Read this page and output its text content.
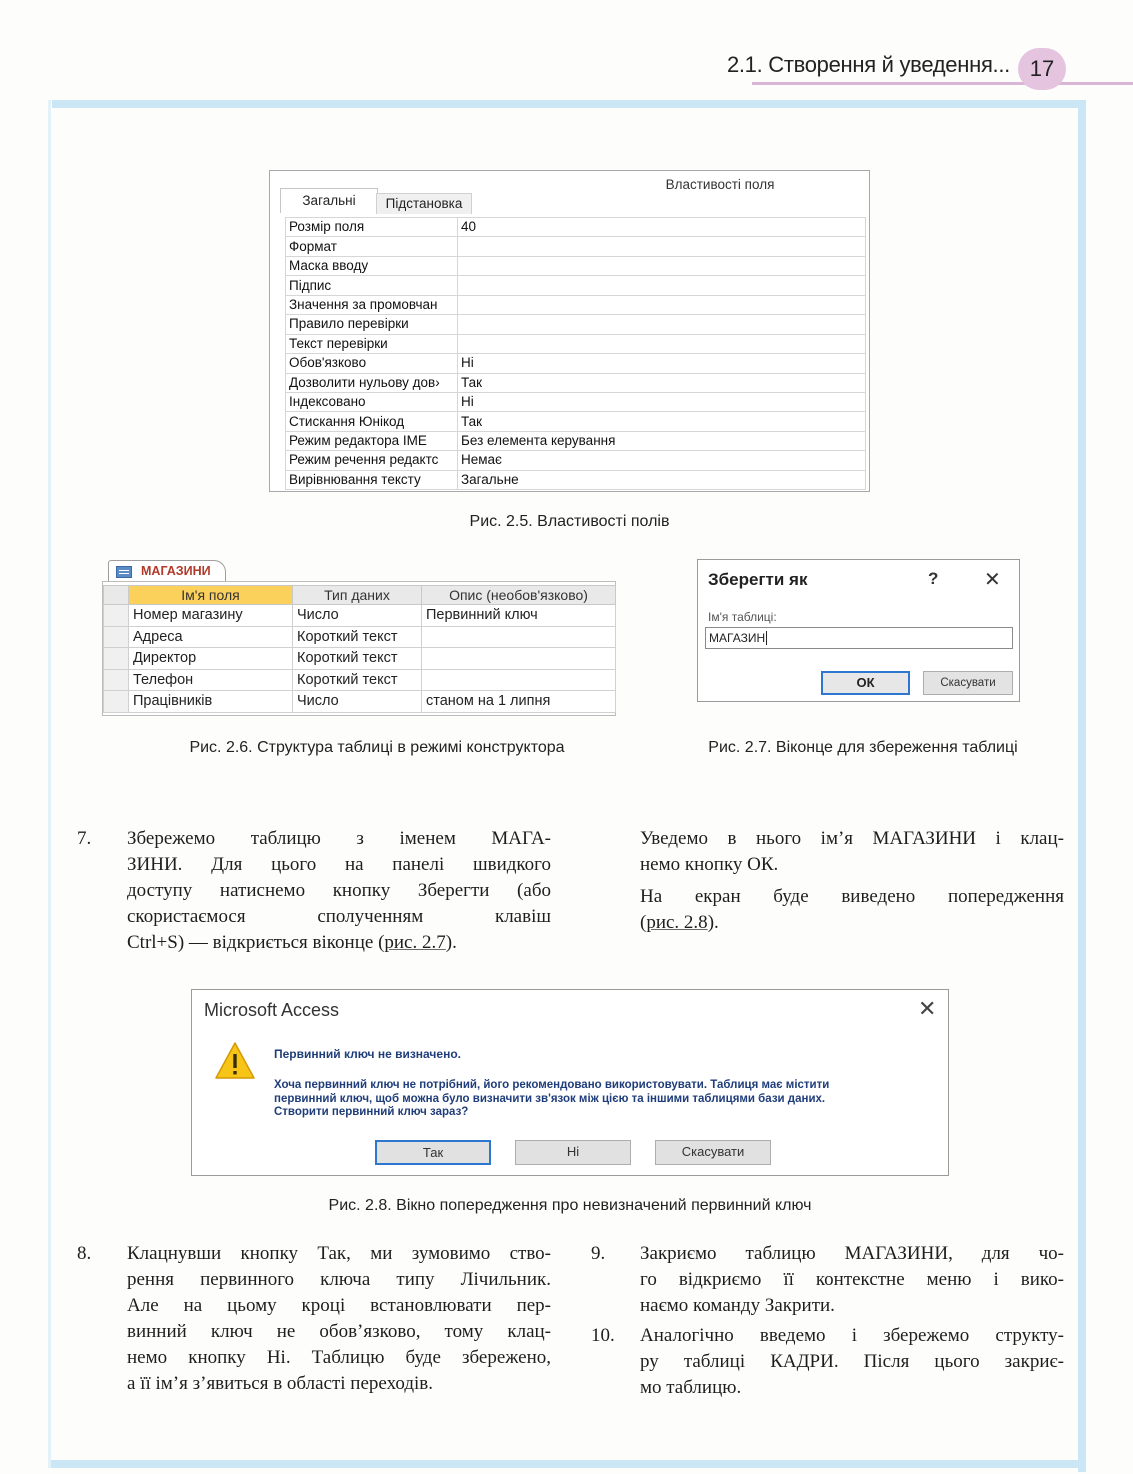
2.1. Створення й уведення... 17
Властивості поля
Загальні	Підстановка
Розмір поля	40
Формат	
Маска вводу	
Підпис	
Значення за промовчан	
Правило перевірки	
Текст перевірки	
Обов'язково	Ні
Дозволити нульову дов›	Так
Індексовано	Ні
Стискання Юнікод	Так
Режим редактора IME	Без елемента керування
Режим речення редактс	Немає
Вирівнювання тексту	Загальне
Рис. 2.5. Властивості полів
МАГАЗИНИ
	Ім'я поля	Тип даних	Опис (необов'язково)
	Номер магазину	Число	Первинний ключ
	Адреса	Короткий текст	
	Директор	Короткий текст	
	Телефон	Короткий текст	
	Працівників	Число	станом на 1 липня
Рис. 2.6. Структура таблиці в режимі конструктора
Зберегти як	? ✕
Ім'я таблиці:
МАГАЗИН
ОК	Скасувати
Рис. 2.7. Віконце для збереження таблиці
7. Збережемо таблицю з іменем МАГА-
ЗИНИ. Для цього на панелі швидкого
доступу натиснемо кнопку Зберегти (або
скористаємося сполученням клавіш
Ctrl+S) — відкриється віконце (рис. 2.7).
Уведемо в нього ім’я МАГАЗИНИ і клац-
немо кнопку ОК.
На екран буде виведено попередження
(рис. 2.8).
Microsoft Access	✕
Первинний ключ не визначено.
Хоча первинний ключ не потрібний, його рекомендовано використовувати. Таблиця має містити
первинний ключ, щоб можна було визначити зв'язок між цією та іншими таблицями бази даних.
Створити первинний ключ зараз?
Так	Ні	Скасувати
Рис. 2.8. Вікно попередження про невизначений первинний ключ
8. Клацнувши кнопку Так, ми зумовимо ство-
рення первинного ключа типу Лічильник.
Але на цьому кроці встановлювати пер-
винний ключ не обов’язково, тому клац-
немо кнопку Ні. Таблицю буде збережено,
а її ім’я з’явиться в області переходів.
9. Закриємо таблицю МАГАЗИНИ, для чо-
го відкриємо її контекстне меню і вико-
наємо команду Закрити.
10. Аналогічно введемо і збережемо структу-
ру таблиці КАДРИ. Після цього закриє-
мо таблицю.
